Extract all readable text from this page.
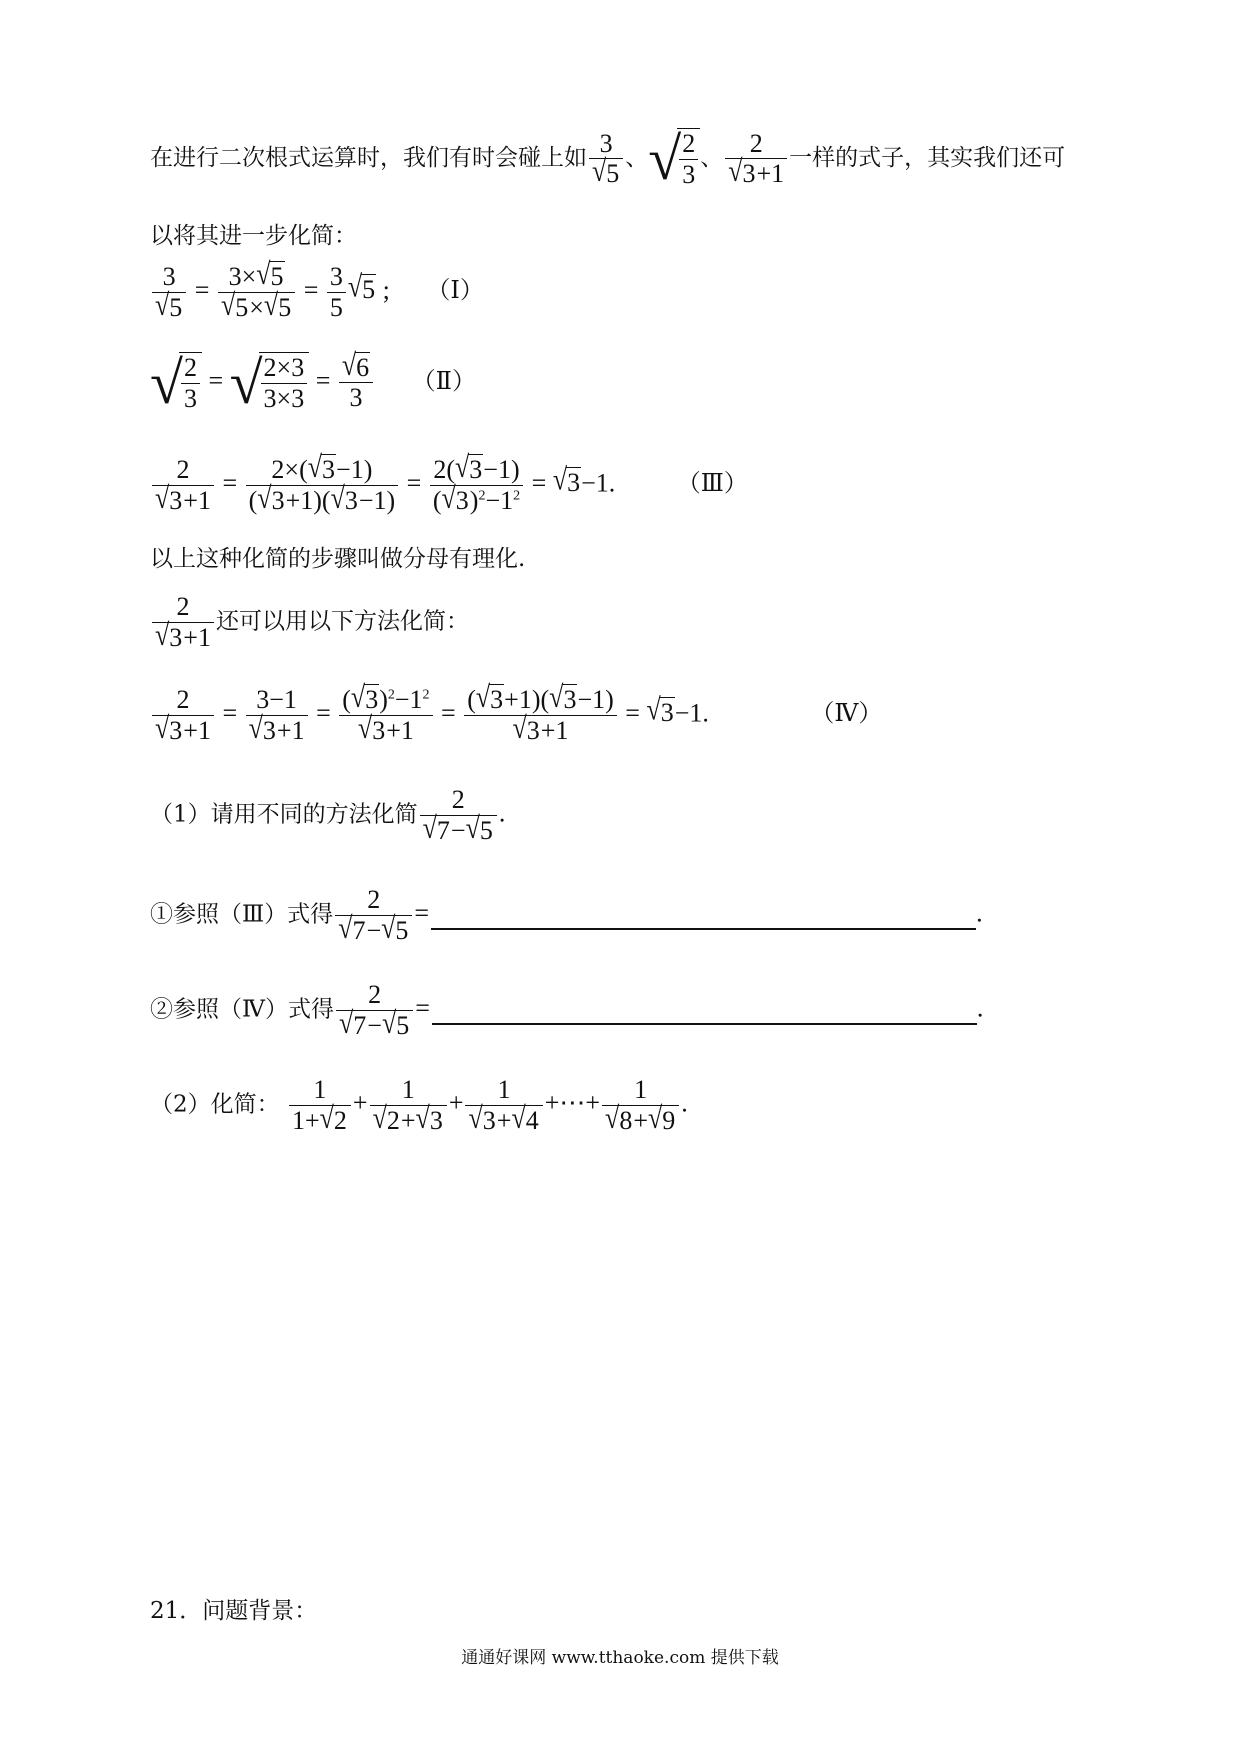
在进行二次根式运算时，我们有时会碰上如 $\frac{3}{√5}$ 、√
$\frac{2}{3}$ 、 $\frac{2}{√3+1}$ 一样的式子，其实我们还可
以将其进一步化简：
$\frac{3}{√5} = \frac{3\times√5}{√5\times√5} = \frac{3}{5} √5$ ; （Ⅰ）
√
$\frac{2}{3}$ = √
$\frac{2\times 3}{3\times 3} = \frac{√6}{3}$ （Ⅱ）
$\frac{2}{√3+1} = \frac{2\times(√3-1)}{(√3+1)(√3-1)} = \frac{2(√3-1)}{(√3)^2-1^2} = √3-1$. （Ⅲ）
以上这种化简的步骤叫做分母有理化.
$\frac{2}{√3+1}$ 还可以用以下方法化简：
$\frac{2}{√3+1} = \frac{3-1}{√3+1} = \frac{(√3)^2-1^2}{√3+1} = \frac{(√3+1)(√3-1)}{√3+1} = √3-1$.	（Ⅳ）
（1）请用不同的方法化简 $\frac{2}{√7-√5}$ .
①参照（Ⅲ）式得 $\frac{2}{√7-√5}$ =	.
②参照（Ⅳ）式得 $\frac{2}{√7-√5}$ =	.
（2）化简： $\frac{1}{1+√2} + \frac{1}{√2+√3} + \frac{1}{√3+√4}$ +⋯+ $\frac{1}{√8+√9}$ .
21．问题背景：
通通好课网 www.tthaoke.com 提供下载
